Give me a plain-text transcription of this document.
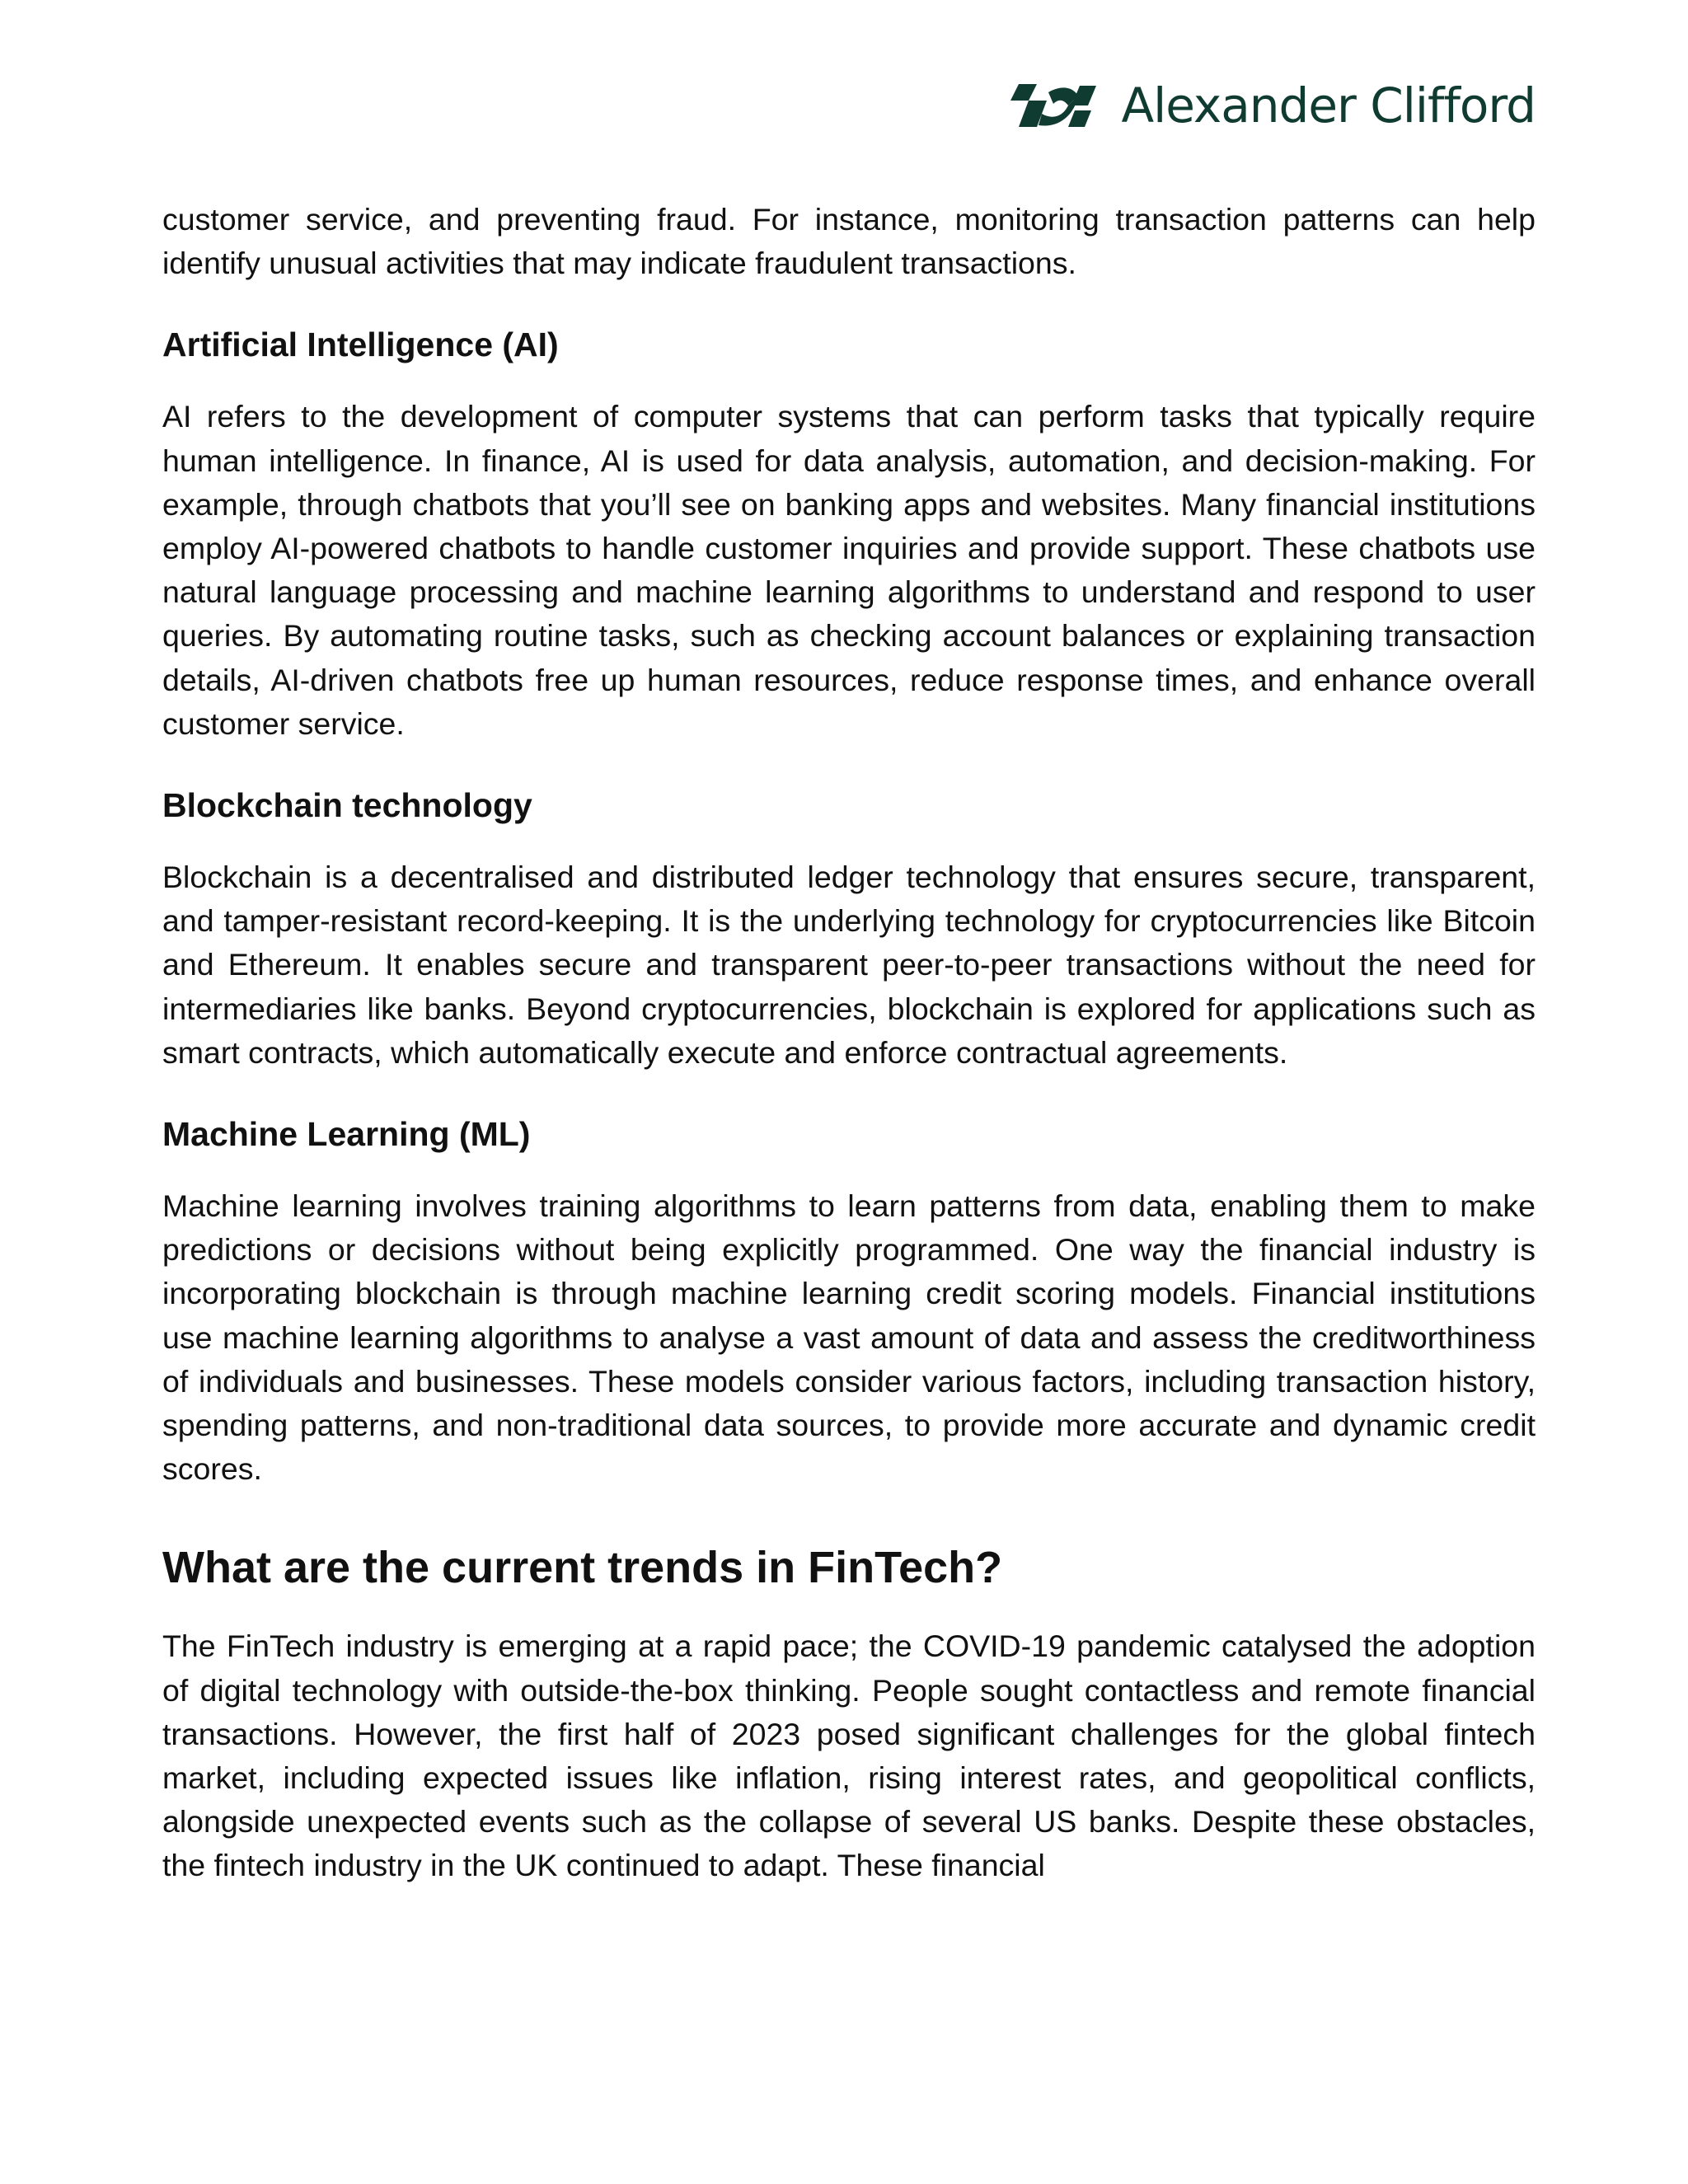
Alexander Clifford

customer service, and preventing fraud. For instance, monitoring transaction patterns can help identify unusual activities that may indicate fraudulent transactions.

Artificial Intelligence (AI)

AI refers to the development of computer systems that can perform tasks that typically require human intelligence. In finance, AI is used for data analysis, automation, and decision-making. For example, through chatbots that you’ll see on banking apps and websites. Many financial institutions employ AI-powered chatbots to handle customer inquiries and provide support. These chatbots use natural language processing and machine learning algorithms to understand and respond to user queries. By automating routine tasks, such as checking account balances or explaining transaction details, AI-driven chatbots free up human resources, reduce response times, and enhance overall customer service.

Blockchain technology

Blockchain is a decentralised and distributed ledger technology that ensures secure, transparent, and tamper-resistant record-keeping. It is the underlying technology for cryptocurrencies like Bitcoin and Ethereum. It enables secure and transparent peer-to-peer transactions without the need for intermediaries like banks. Beyond cryptocurrencies, blockchain is explored for applications such as smart contracts, which automatically execute and enforce contractual agreements.

Machine Learning (ML)

Machine learning involves training algorithms to learn patterns from data, enabling them to make predictions or decisions without being explicitly programmed. One way the financial industry is incorporating blockchain is through machine learning credit scoring models. Financial institutions use machine learning algorithms to analyse a vast amount of data and assess the creditworthiness of individuals and businesses. These models consider various factors, including transaction history, spending patterns, and non-traditional data sources, to provide more accurate and dynamic credit scores.

What are the current trends in FinTech?

The FinTech industry is emerging at a rapid pace; the COVID-19 pandemic catalysed the adoption of digital technology with outside-the-box thinking. People sought contactless and remote financial transactions. However, the first half of 2023 posed significant challenges for the global fintech market, including expected issues like inflation, rising interest rates, and geopolitical conflicts, alongside unexpected events such as the collapse of several US banks. Despite these obstacles, the fintech industry in the UK continued to adapt. These financial
